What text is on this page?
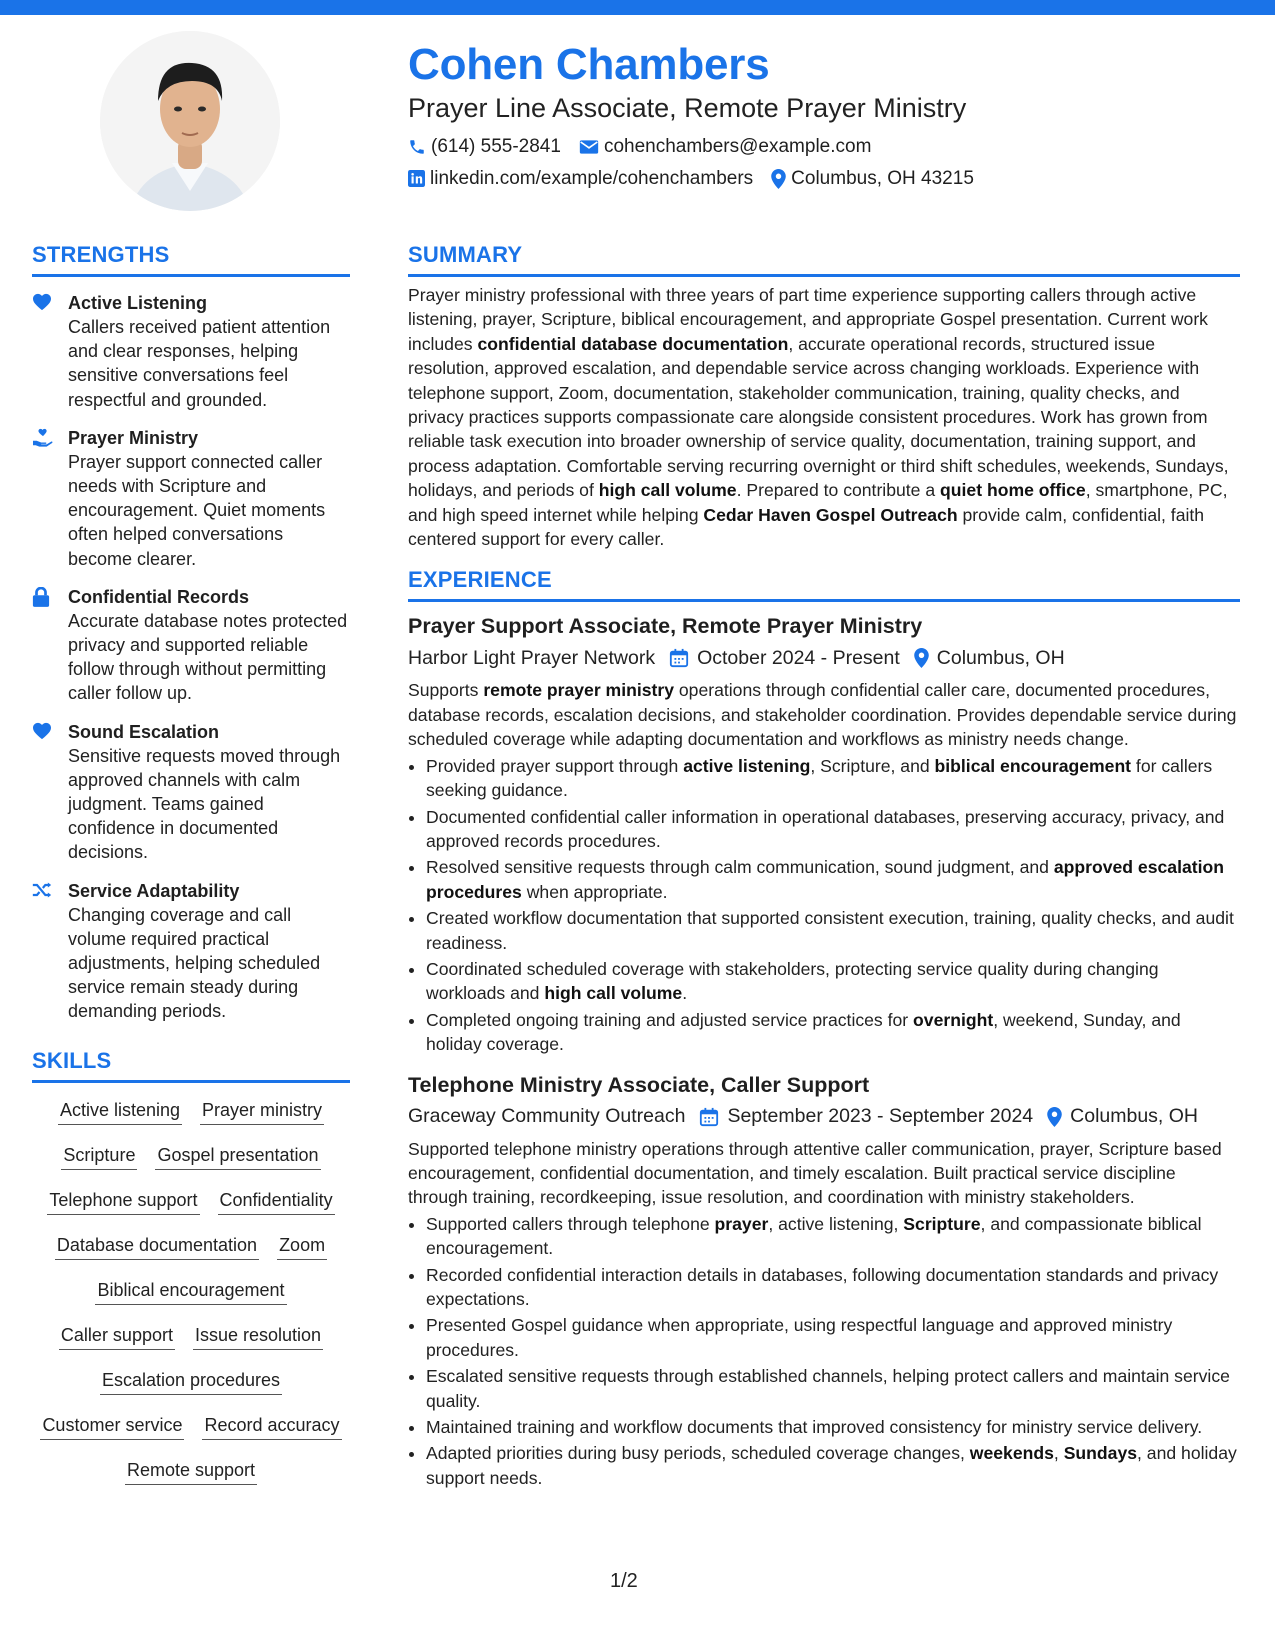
Cohen Chambers
Prayer Line Associate, Remote Prayer Ministry
(614) 555-2841 cohenchambers@example.com
linkedin.com/example/cohenchambers Columbus, OH 43215
STRENGTHS
Active Listening
Callers received patient attention and clear responses, helping sensitive conversations feel respectful and grounded.
Prayer Ministry
Prayer support connected caller needs with Scripture and encouragement. Quiet moments often helped conversations become clearer.
Confidential Records
Accurate database notes protected privacy and supported reliable follow through without permitting caller follow up.
Sound Escalation
Sensitive requests moved through approved channels with calm judgment. Teams gained confidence in documented decisions.
Service Adaptability
Changing coverage and call volume required practical adjustments, helping scheduled service remain steady during demanding periods.
SKILLS
Active listening Prayer ministry
Scripture Gospel presentation
Telephone support Confidentiality
Database documentation Zoom
Biblical encouragement
Caller support Issue resolution
Escalation procedures
Customer service Record accuracy
Remote support
SUMMARY
Prayer ministry professional with three years of part time experience supporting callers through active listening, prayer, Scripture, biblical encouragement, and appropriate Gospel presentation. Current work includes confidential database documentation, accurate operational records, structured issue resolution, approved escalation, and dependable service across changing workloads. Experience with telephone support, Zoom, documentation, stakeholder communication, training, quality checks, and privacy practices supports compassionate care alongside consistent procedures. Work has grown from reliable task execution into broader ownership of service quality, documentation, training support, and process adaptation. Comfortable serving recurring overnight or third shift schedules, weekends, Sundays, holidays, and periods of high call volume. Prepared to contribute a quiet home office, smartphone, PC, and high speed internet while helping Cedar Haven Gospel Outreach provide calm, confidential, faith centered support for every caller.
EXPERIENCE
Prayer Support Associate, Remote Prayer Ministry
Harbor Light Prayer Network October 2024 - Present Columbus, OH
Supports remote prayer ministry operations through confidential caller care, documented procedures, database records, escalation decisions, and stakeholder coordination. Provides dependable service during scheduled coverage while adapting documentation and workflows as ministry needs change.
• Provided prayer support through active listening, Scripture, and biblical encouragement for callers seeking guidance.
• Documented confidential caller information in operational databases, preserving accuracy, privacy, and approved records procedures.
• Resolved sensitive requests through calm communication, sound judgment, and approved escalation procedures when appropriate.
• Created workflow documentation that supported consistent execution, training, quality checks, and audit readiness.
• Coordinated scheduled coverage with stakeholders, protecting service quality during changing workloads and high call volume.
• Completed ongoing training and adjusted service practices for overnight, weekend, Sunday, and holiday coverage.
Telephone Ministry Associate, Caller Support
Graceway Community Outreach September 2023 - September 2024 Columbus, OH
Supported telephone ministry operations through attentive caller communication, prayer, Scripture based encouragement, confidential documentation, and timely escalation. Built practical service discipline through training, recordkeeping, issue resolution, and coordination with ministry stakeholders.
• Supported callers through telephone prayer, active listening, Scripture, and compassionate biblical encouragement.
• Recorded confidential interaction details in databases, following documentation standards and privacy expectations.
• Presented Gospel guidance when appropriate, using respectful language and approved ministry procedures.
• Escalated sensitive requests through established channels, helping protect callers and maintain service quality.
• Maintained training and workflow documents that improved consistency for ministry service delivery.
• Adapted priorities during busy periods, scheduled coverage changes, weekends, Sundays, and holiday support needs.
1/2
